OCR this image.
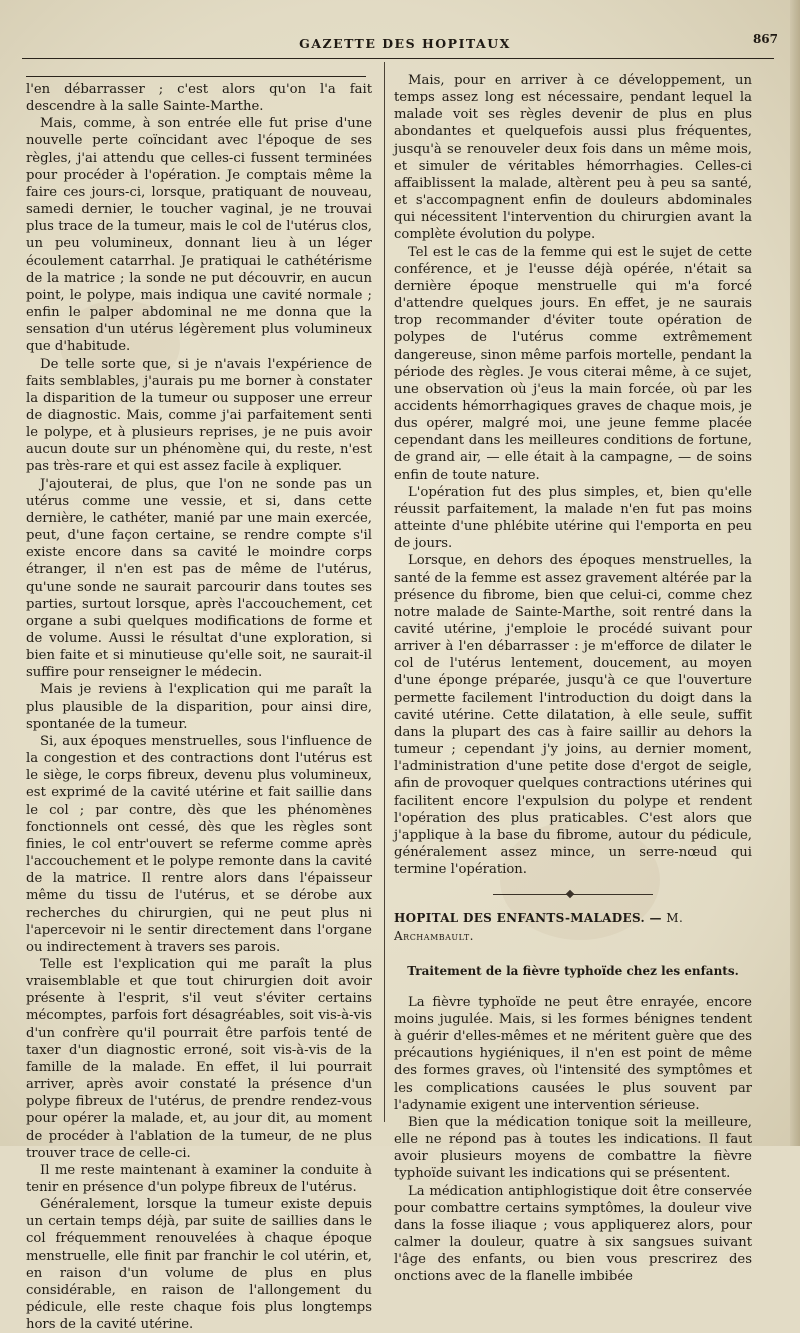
GAZETTE DES HOPITAUX	867

l'en débarrasser ; c'est alors qu'on l'a fait descendre à la salle Sainte-Marthe.

Mais, comme, à son entrée elle fut prise d'une nouvelle perte coïncidant avec l'époque de ses règles, j'ai attendu que celles-ci fussent terminées pour procéder à l'opération. Je comptais même la faire ces jours-ci, lorsque, pratiquant de nouveau, samedi dernier, le toucher vaginal, je ne trouvai plus trace de la tumeur, mais le col de l'utérus clos, un peu volumineux, donnant lieu à un léger écoulement catarrhal. Je pratiquai le cathétérisme de la matrice ; la sonde ne put découvrir, en aucun point, le polype, mais indiqua une cavité normale ; enfin le palper abdominal ne me donna que la sensation d'un utérus légèrement plus volumineux que d'habitude.

De telle sorte que, si je n'avais l'expérience de faits semblables, j'aurais pu me borner à constater la disparition de la tumeur ou supposer une erreur de diagnostic. Mais, comme j'ai parfaitement senti le polype, et à plusieurs reprises, je ne puis avoir aucun doute sur un phénomène qui, du reste, n'est pas très-rare et qui est assez facile à expliquer.

J'ajouterai, de plus, que l'on ne sonde pas un utérus comme une vessie, et si, dans cette dernière, le cathéter, manié par une main exercée, peut, d'une façon certaine, se rendre compte s'il existe encore dans sa cavité le moindre corps étranger, il n'en est pas de même de l'utérus, qu'une sonde ne saurait parcourir dans toutes ses parties, surtout lorsque, après l'accouchement, cet organe a subi quelques modifications de forme et de volume. Aussi le résultat d'une exploration, si bien faite et si minutieuse qu'elle soit, ne saurait-il suffire pour renseigner le médecin.

Mais je reviens à l'explication qui me paraît la plus plausible de la disparition, pour ainsi dire, spontanée de la tumeur.

Si, aux époques menstruelles, sous l'influence de la congestion et des contractions dont l'utérus est le siège, le corps fibreux, devenu plus volumineux, est exprimé de la cavité utérine et fait saillie dans le col ; par contre, dès que les phénomènes fonctionnels ont cessé, dès que les règles sont finies, le col entr'ouvert se referme comme après l'accouchement et le polype remonte dans la cavité de la matrice. Il rentre alors dans l'épaisseur même du tissu de l'utérus, et se dérobe aux recherches du chirurgien, qui ne peut plus ni l'apercevoir ni le sentir directement dans l'organe ou indirectement à travers ses parois.

Telle est l'explication qui me paraît la plus vraisemblable et que tout chirurgien doit avoir présente à l'esprit, s'il veut s'éviter certains mécomptes, parfois fort désagréables, soit vis-à-vis d'un confrère qu'il pourrait être parfois tenté de taxer d'un diagnostic erroné, soit vis-à-vis de la famille de la malade. En effet, il lui pourrait arriver, après avoir constaté la présence d'un polype fibreux de l'utérus, de prendre rendez-vous pour opérer la malade, et, au jour dit, au moment de procéder à l'ablation de la tumeur, de ne plus trouver trace de celle-ci.

Il me reste maintenant à examiner la conduite à tenir en présence d'un polype fibreux de l'utérus.

Généralement, lorsque la tumeur existe depuis un certain temps déjà, par suite de saillies dans le col fréquemment renouvelées à chaque époque menstruelle, elle finit par franchir le col utérin, et, en raison d'un volume de plus en plus considérable, en raison de l'allongement du pédicule, elle reste chaque fois plus longtemps hors de la cavité utérine.

Mais, pour en arriver à ce développement, un temps assez long est nécessaire, pendant lequel la malade voit ses règles devenir de plus en plus abondantes et quelquefois aussi plus fréquentes, jusqu'à se renouveler deux fois dans un même mois, et simuler de véritables hémorrhagies. Celles-ci affaiblissent la malade, altèrent peu à peu sa santé, et s'accompagnent enfin de douleurs abdominales qui nécessitent l'intervention du chirurgien avant la complète évolution du polype.

Tel est le cas de la femme qui est le sujet de cette conférence, et je l'eusse déjà opérée, n'était sa dernière époque menstruelle qui m'a forcé d'attendre quelques jours. En effet, je ne saurais trop recommander d'éviter toute opération de polypes de l'utérus comme extrêmement dangereuse, sinon même parfois mortelle, pendant la période des règles. Je vous citerai même, à ce sujet, une observation où j'eus la main forcée, où par les accidents hémorrhagiques graves de chaque mois, je dus opérer, malgré moi, une jeune femme placée cependant dans les meilleures conditions de fortune, de grand air, — elle était à la campagne, — de soins enfin de toute nature.

L'opération fut des plus simples, et, bien qu'elle réussit parfaitement, la malade n'en fut pas moins atteinte d'une phlébite utérine qui l'emporta en peu de jours.

Lorsque, en dehors des époques menstruelles, la santé de la femme est assez gravement altérée par la présence du fibrome, bien que celui-ci, comme chez notre malade de Sainte-Marthe, soit rentré dans la cavité utérine, j'emploie le procédé suivant pour arriver à l'en débarrasser : je m'efforce de dilater le col de l'utérus lentement, doucement, au moyen d'une éponge préparée, jusqu'à ce que l'ouverture permette facilement l'introduction du doigt dans la cavité utérine. Cette dilatation, à elle seule, suffit dans la plupart des cas à faire saillir au dehors la tumeur ; cependant j'y joins, au dernier moment, l'administration d'une petite dose d'ergot de seigle, afin de provoquer quelques contractions utérines qui facilitent encore l'expulsion du polype et rendent l'opération des plus praticables. C'est alors que j'applique à la base du fibrome, autour du pédicule, généralement assez mince, un serre-nœud qui termine l'opération.

HOPITAL DES ENFANTS-MALADES. — M. Archambault.
Traitement de la fièvre typhoïde chez les enfants.

La fièvre typhoïde ne peut être enrayée, encore moins jugulée. Mais, si les formes bénignes tendent à guérir d'elles-mêmes et ne méritent guère que des précautions hygiéniques, il n'en est point de même des formes graves, où l'intensité des symptômes et les complications causées le plus souvent par l'adynamie exigent une intervention sérieuse.

Bien que la médication tonique soit la meilleure, elle ne répond pas à toutes les indications. Il faut avoir plusieurs moyens de combattre la fièvre typhoïde suivant les indications qui se présentent.

La médication antiphlogistique doit être conservée pour combattre certains symptômes, la douleur vive dans la fosse iliaque ; vous appliquerez alors, pour calmer la douleur, quatre à six sangsues suivant l'âge des enfants, ou bien vous prescrirez des onctions avec de la flanelle imbibée
